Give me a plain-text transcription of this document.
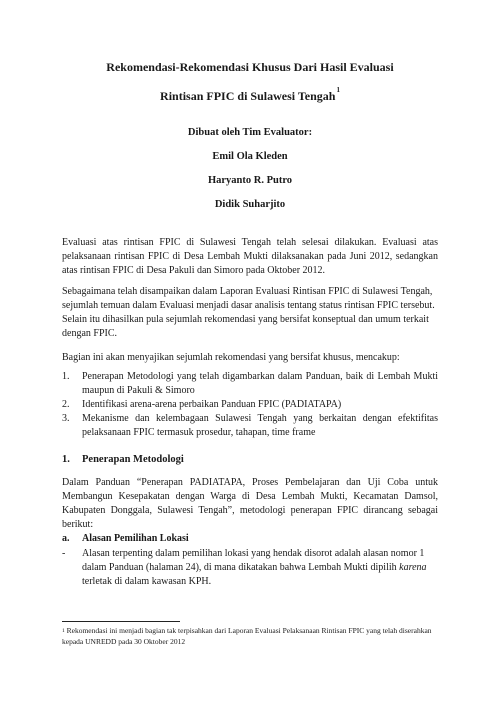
Rekomendasi-Rekomendasi Khusus Dari Hasil Evaluasi
Rintisan FPIC di Sulawesi Tengah$^1$
Dibuat oleh Tim Evaluator:
Emil Ola Kleden
Haryanto R. Putro
Didik Suharjito

Evaluasi atas rintisan FPIC di Sulawesi Tengah telah selesai dilakukan. Evaluasi atas pelaksanaan rintisan FPIC di Desa Lembah Mukti dilaksanakan pada Juni 2012, sedangkan atas rintisan FPIC di Desa Pakuli dan Simoro pada Oktober 2012.

Sebagaimana telah disampaikan dalam Laporan Evaluasi Rintisan FPIC di Sulawesi Tengah, sejumlah temuan dalam Evaluasi menjadi dasar analisis tentang status rintisan FPIC tersebut. Selain itu dihasilkan pula sejumlah rekomendasi yang bersifat konseptual dan umum terkait dengan FPIC.

Bagian ini akan menyajikan sejumlah rekomendasi yang bersifat khusus, mencakup:

1. Penerapan Metodologi yang telah digambarkan dalam Panduan, baik di Lembah Mukti maupun di Pakuli & Simoro
2. Identifikasi arena-arena perbaikan Panduan FPIC (PADIATAPA)
3. Mekanisme dan kelembagaan Sulawesi Tengah yang berkaitan dengan efektifitas pelaksanaan FPIC termasuk prosedur, tahapan, time frame
1. Penerapan Metodologi

Dalam Panduan “Penerapan PADIATAPA, Proses Pembelajaran dan Uji Coba untuk Membangun Kesepakatan dengan Warga di Desa Lembah Mukti, Kecamatan Damsol, Kabupaten Donggala, Sulawesi Tengah”, metodologi penerapan FPIC dirancang sebagai berikut:

a. Alasan Pemilihan Lokasi
-	Alasan terpenting dalam pemilihan lokasi yang hendak disorot adalah alasan nomor 1 dalam Panduan (halaman 24), di mana dikatakan bahwa Lembah Mukti dipilih karena terletak di dalam kawasan KPH.
$^1$ Rekomendasi ini menjadi bagian tak terpisahkan dari Laporan Evaluasi Pelaksanaan Rintisan FPIC yang telah diserahkan kepada UNREDD pada 30 Oktober 2012
